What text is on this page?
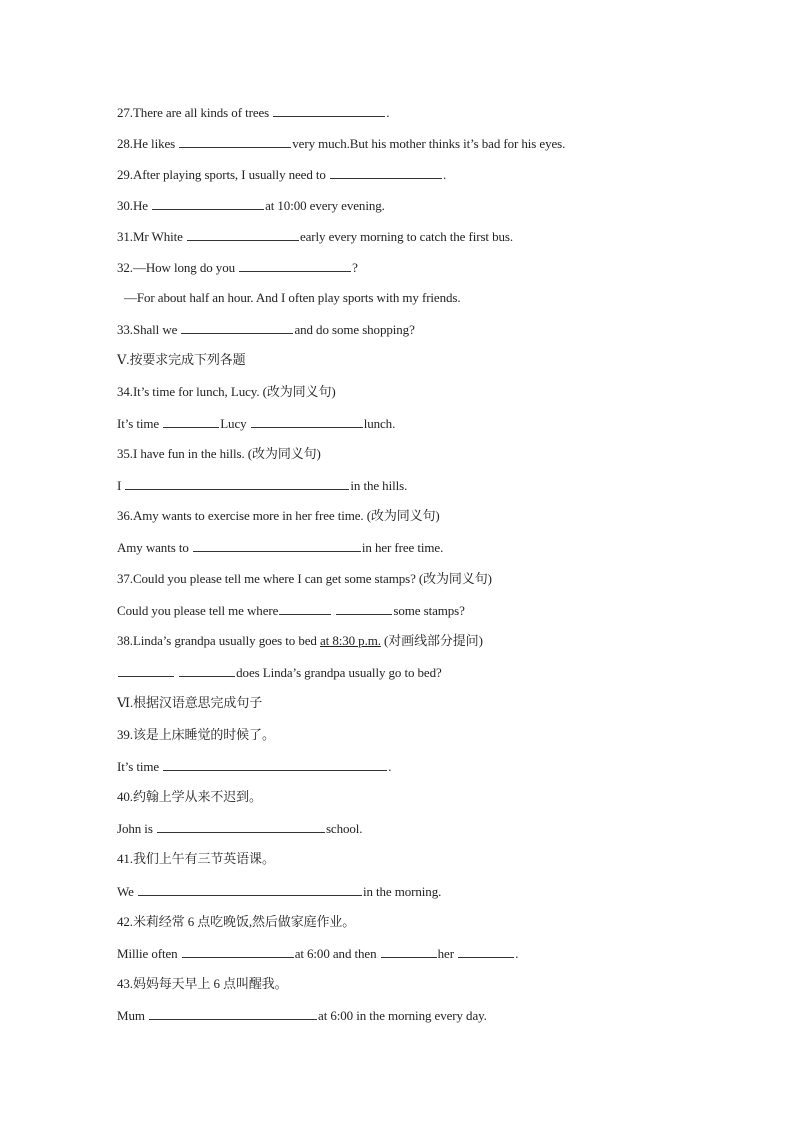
27.There are all kinds of trees	.
28.He likes	very much.But his mother thinks it’s bad for his eyes.
29.After playing sports, I usually need to	.
30.He	at 10:00 every evening.
31.Mr White	early every morning to catch the first bus.
32.—How long do you	?
—For about half an hour. And I often play sports with my friends.
33.Shall we	and do some shopping?
Ⅴ.按要求完成下列各题
34.It’s time for lunch, Lucy. (改为同义句)
It’s time	Lucy	lunch.
35.I have fun in the hills. (改为同义句)
I	in the hills.
36.Amy wants to exercise more in her free time. (改为同义句)
Amy wants to	in her free time.
37.Could you please tell me where I can get some stamps? (改为同义句)
Could you please tell me where	some stamps?
38.Linda’s grandpa usually goes to bed at 8:30 p.m. (对画线部分提问)
does Linda’s grandpa usually go to bed?
Ⅵ.根据汉语意思完成句子
39.该是上床睡觉的时候了。
It’s time	.
40.约翰上学从来不迟到。
John is	school.
41.我们上午有三节英语课。
We	in the morning.
42.米莉经常 6 点吃晚饭,然后做家庭作业。
Millie often	at 6:00 and then	her	.
43.妈妈每天早上 6 点叫醒我。
Mum	at 6:00 in the morning every day.
